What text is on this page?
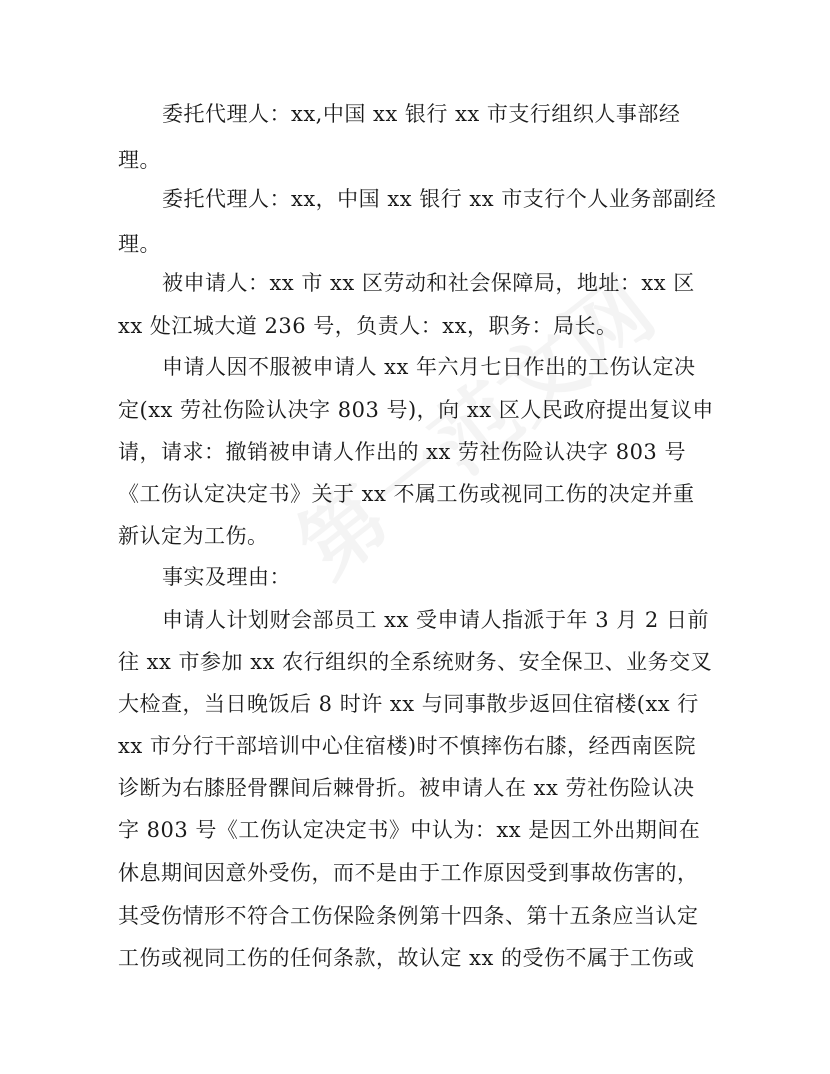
委托代理人：xx,中国 xx 银行 xx 市支行组织人事部经
理。
委托代理人：xx，中国 xx 银行 xx 市支行个人业务部副经
理。
被申请人：xx 市 xx 区劳动和社会保障局，地址：xx 区
xx 处江城大道 236 号，负责人：xx，职务：局长。
申请人因不服被申请人 xx 年六月七日作出的工伤认定决
定(xx 劳社伤险认决字 803 号)，向 xx 区人民政府提出复议申
请，请求：撤销被申请人作出的 xx 劳社伤险认决字 803 号
《工伤认定决定书》关于 xx 不属工伤或视同工伤的决定并重
新认定为工伤。
事实及理由：
申请人计划财会部员工 xx 受申请人指派于年 3 月 2 日前
往 xx 市参加 xx 农行组织的全系统财务、安全保卫、业务交叉
大检查，当日晚饭后 8 时许 xx 与同事散步返回住宿楼(xx 行
xx 市分行干部培训中心住宿楼)时不慎摔伤右膝，经西南医院
诊断为右膝胫骨髁间后棘骨折。被申请人在 xx 劳社伤险认决
字 803 号《工伤认定决定书》中认为：xx 是因工外出期间在
休息期间因意外受伤，而不是由于工作原因受到事故伤害的，
其受伤情形不符合工伤保险条例第十四条、第十五条应当认定
工伤或视同工伤的任何条款，故认定 xx 的受伤不属于工伤或
